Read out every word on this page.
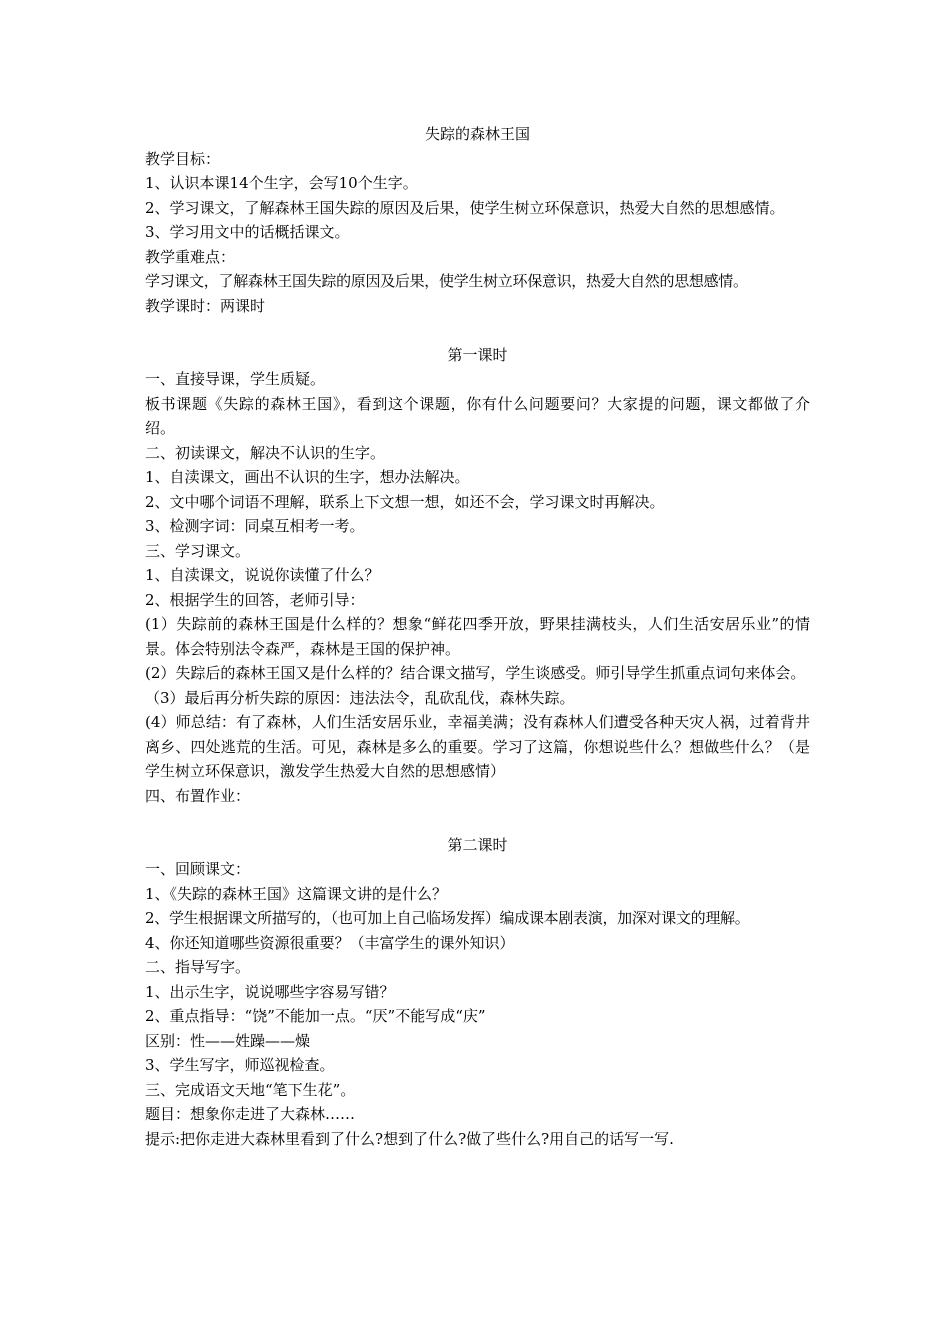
失踪的森林王国

教学目标：

1、认识本课14个生字，会写10个生字。

2、学习课文，了解森林王国失踪的原因及后果，使学生树立环保意识，热爱大自然的思想感情。

3、学习用文中的话概括课文。

教学重难点：

学习课文，了解森林王国失踪的原因及后果，使学生树立环保意识，热爱大自然的思想感情。

教学课时：两课时

第一课时

一、直接导课，学生质疑。

板书课题《失踪的森林王国》，看到这个课题，你有什么问题要问？大家提的问题，课文都做了介绍。

二、初读课文，解决不认识的生字。

1、自渎课文，画出不认识的生字，想办法解决。

2、文中哪个词语不理解，联系上下文想一想，如还不会，学习课文时再解决。

3、检测字词：同桌互相考一考。

三、学习课文。

1、自渎课文，说说你读懂了什么？

2、根据学生的回答，老师引导：

(1）失踪前的森林王国是什么样的？想象“鲜花四季开放，野果挂满枝头，人们生活安居乐业”的情景。体会特别法令森严，森林是王国的保护神。

(2）失踪后的森林王国又是什么样的？结合课文描写，学生谈感受。师引导学生抓重点词句来体会。

（3）最后再分析失踪的原因：违法法令，乱砍乱伐，森林失踪。

(4）师总结：有了森林，人们生活安居乐业，幸福美满；没有森林人们遭受各种天灾人祸，过着背井离乡、四处逃荒的生活。可见，森林是多么的重要。学习了这篇，你想说些什么？想做些什么？（是学生树立环保意识，激发学生热爱大自然的思想感情）

四、布置作业：

第二课时

一、回顾课文：

1、《失踪的森林王国》这篇课文讲的是什么？

2、学生根据课文所描写的，（也可加上自己临场发挥）编成课本剧表演，加深对课文的理解。

4、你还知道哪些资源很重要？（丰富学生的课外知识）

二、指导写字。

1、出示生字，说说哪些字容易写错？

2、重点指导：“饶”不能加一点。“厌”不能写成“庆”

区别：性——姓躁——燥

3、学生写字，师巡视检查。

三、完成语文天地“笔下生花”。

题目：想象你走进了大森林……

提示:把你走进大森林里看到了什么?想到了什么?做了些什么?用自己的话写一写.
